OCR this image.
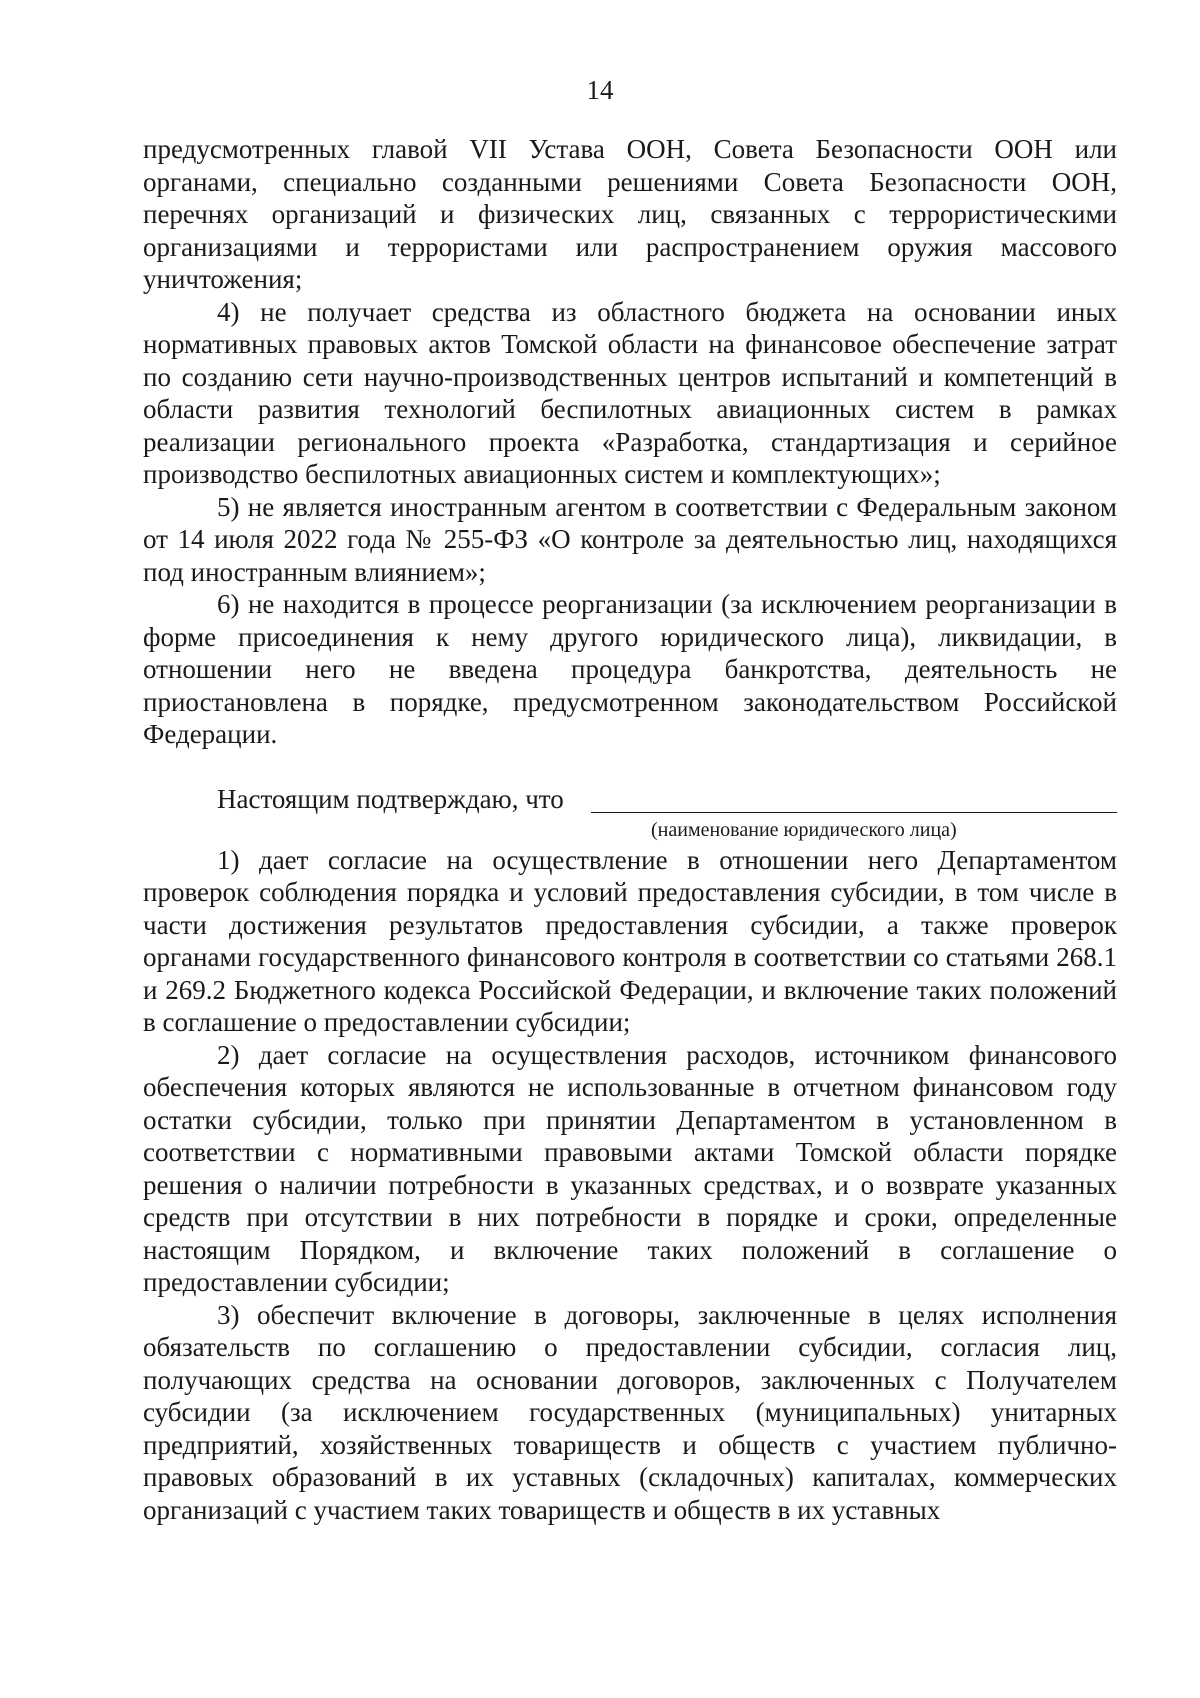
14

предусмотренных главой VII Устава ООН, Совета Безопасности ООН или органами, специально созданными решениями Совета Безопасности ООН, перечнях организаций и физических лиц, связанных с террористическими организациями и террористами или распространением оружия массового уничтожения;

4) не получает средства из областного бюджета на основании иных нормативных правовых актов Томской области на финансовое обеспечение затрат по созданию сети научно-производственных центров испытаний и компетенций в области развития технологий беспилотных авиационных систем в рамках реализации регионального проекта «Разработка, стандартизация и серийное производство беспилотных авиационных систем и комплектующих»;

5) не является иностранным агентом в соответствии с Федеральным законом от 14 июля 2022 года № 255-ФЗ «О контроле за деятельностью лиц, находящихся под иностранным влиянием»;

6) не находится в процессе реорганизации (за исключением реорганизации в форме присоединения к нему другого юридического лица), ликвидации, в отношении него не введена процедура банкротства, деятельность не приостановлена в порядке, предусмотренном законодательством Российской Федерации.

Настоящим подтверждаю, что
(наименование юридического лица)

1) дает согласие на осуществление в отношении него Департаментом проверок соблюдения порядка и условий предоставления субсидии, в том числе в части достижения результатов предоставления субсидии, а также проверок органами государственного финансового контроля в соответствии со статьями 268.1 и 269.2 Бюджетного кодекса Российской Федерации, и включение таких положений в соглашение о предоставлении субсидии;

2) дает согласие на осуществления расходов, источником финансового обеспечения которых являются не использованные в отчетном финансовом году остатки субсидии, только при принятии Департаментом в установленном в соответствии с нормативными правовыми актами Томской области порядке решения о наличии потребности в указанных средствах, и о возврате указанных средств при отсутствии в них потребности в порядке и сроки, определенные настоящим Порядком, и включение таких положений в соглашение о предоставлении субсидии;

3) обеспечит включение в договоры, заключенные в целях исполнения обязательств по соглашению о предоставлении субсидии, согласия лиц, получающих средства на основании договоров, заключенных с Получателем субсидии (за исключением государственных (муниципальных) унитарных предприятий, хозяйственных товариществ и обществ с участием публично-правовых образований в их уставных (складочных) капиталах, коммерческих организаций с участием таких товариществ и обществ в их уставных
